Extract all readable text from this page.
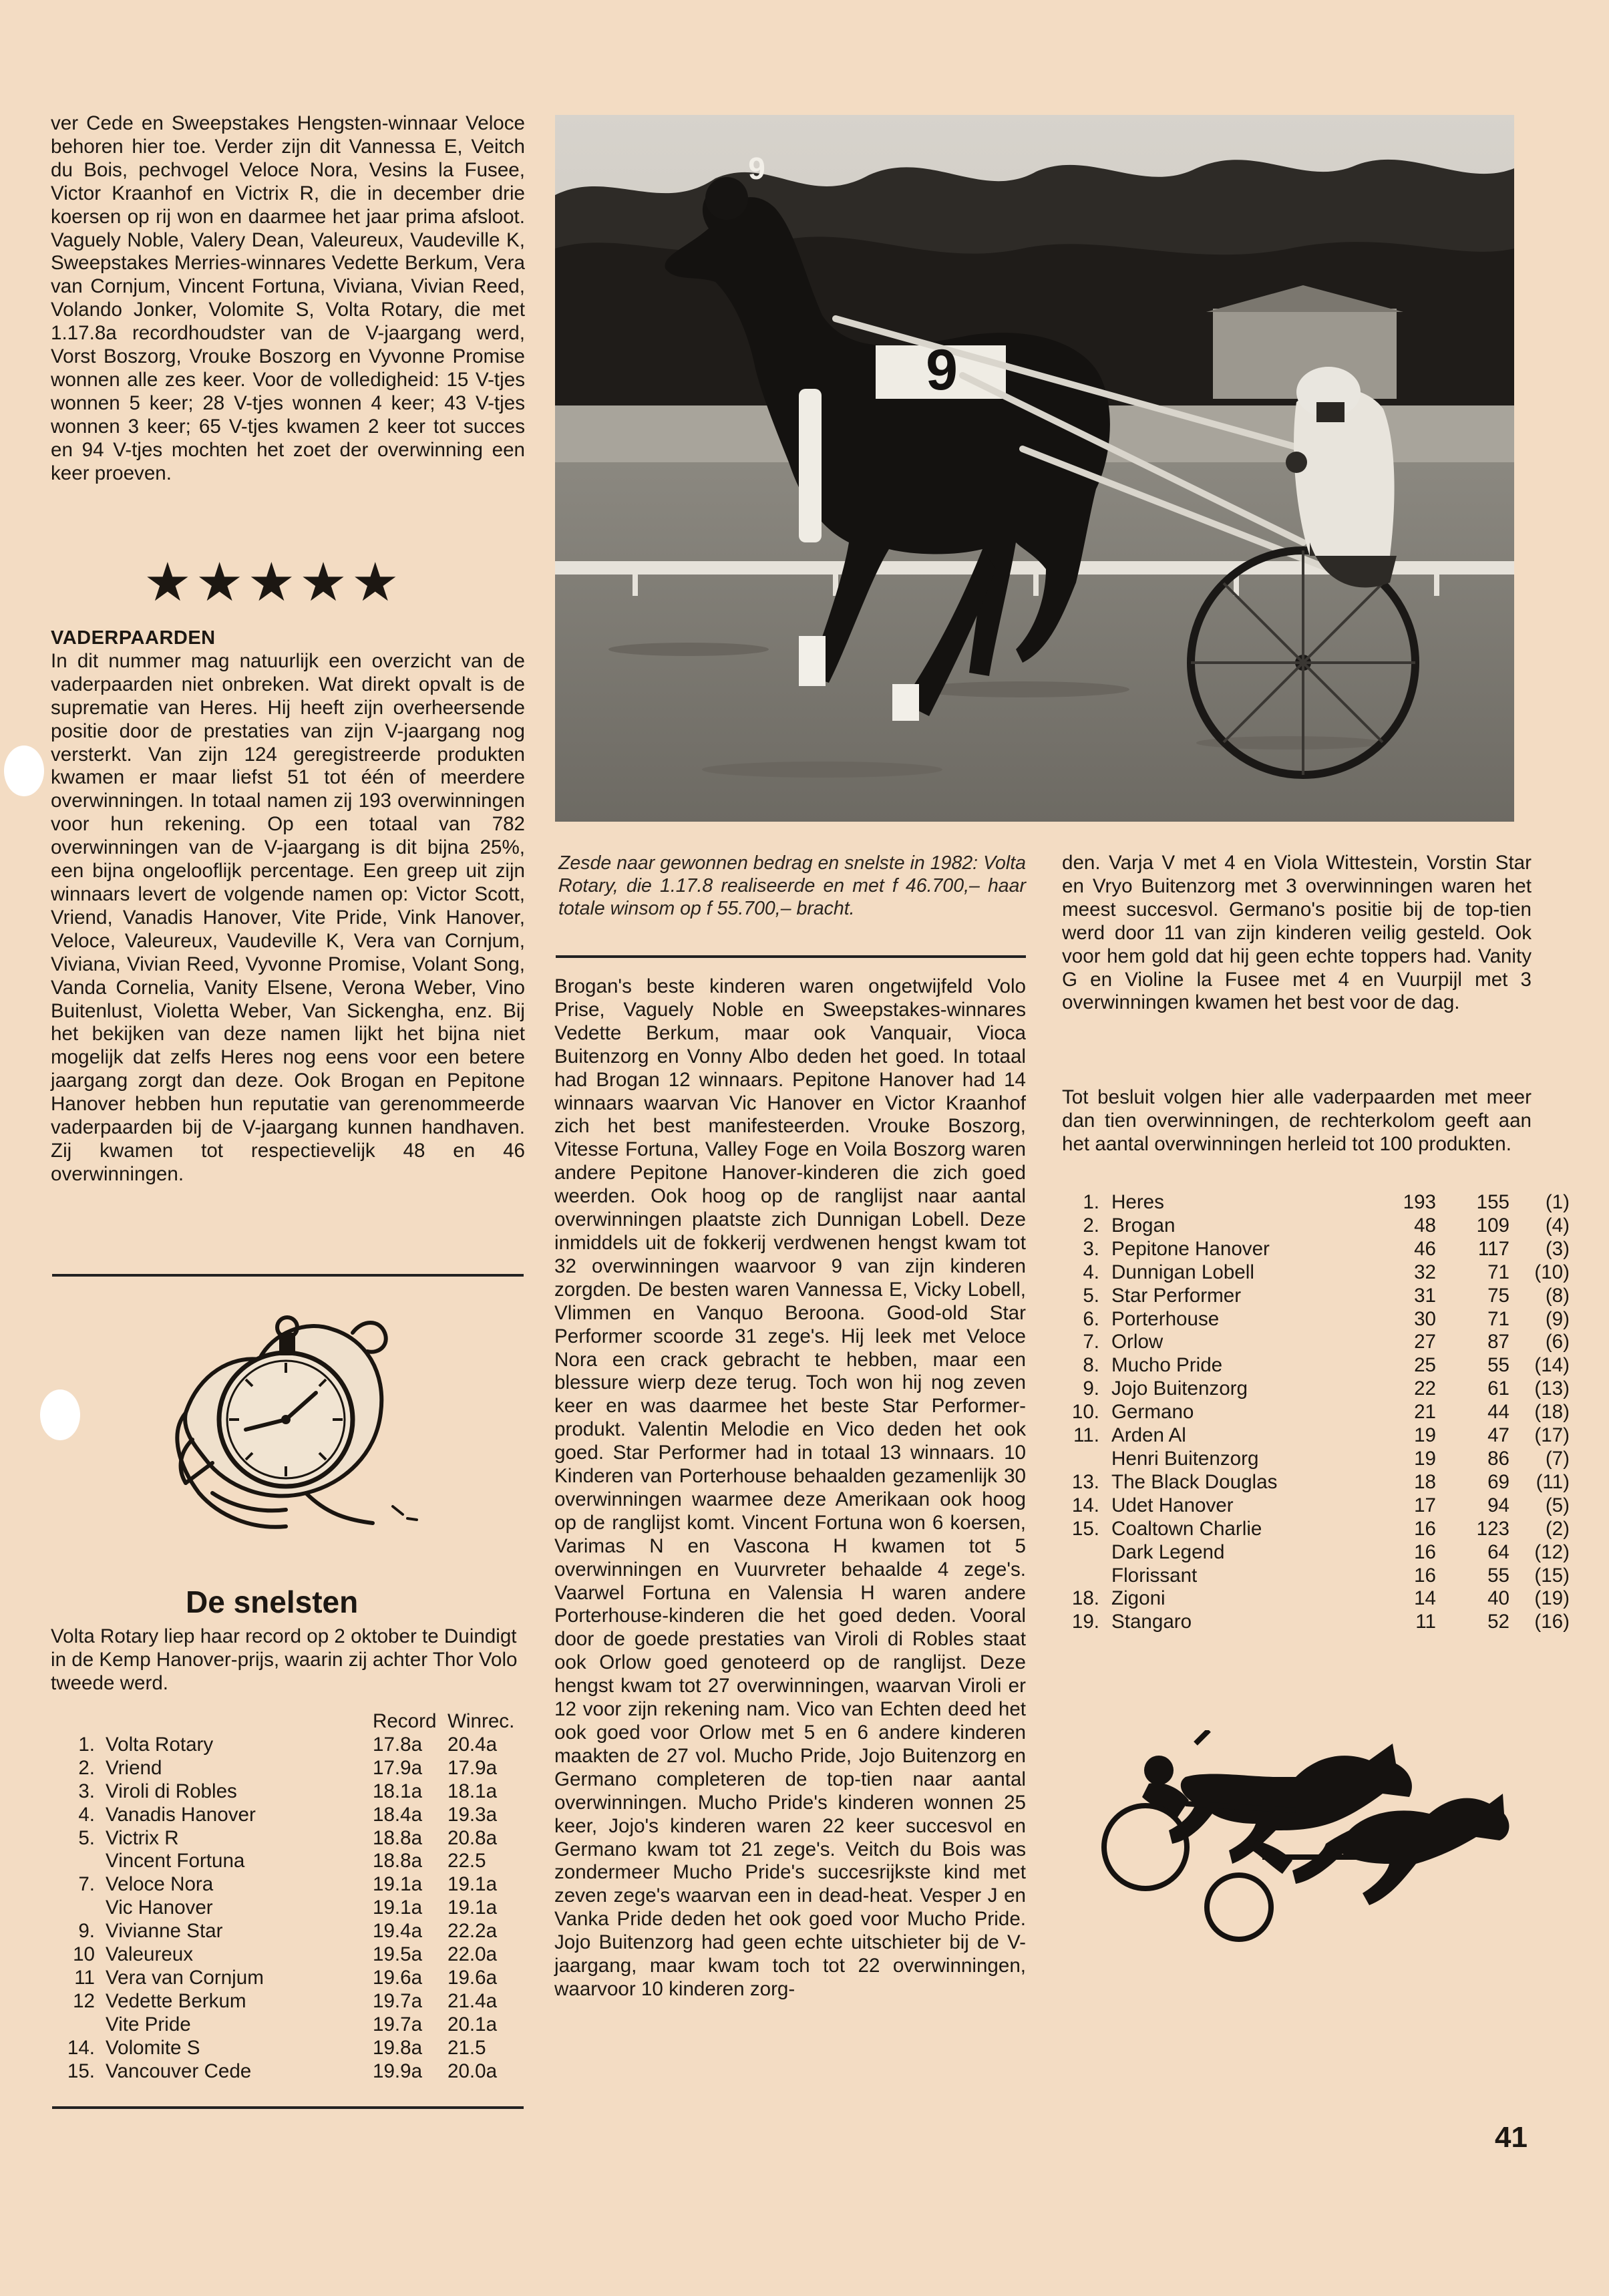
ver Cede en Sweepstakes Hengsten-winnaar Veloce behoren hier toe. Verder zijn dit Vannessa E, Veitch du Bois, pechvogel Veloce Nora, Vesins la Fusee, Victor Kraanhof en Victrix R, die in december drie koersen op rij won en daarmee het jaar prima afsloot. Vaguely Noble, Valery Dean, Valeureux, Vaudeville K, Sweepstakes Merries-winnares Vedette Berkum, Vera van Cornjum, Vincent Fortuna, Viviana, Vivian Reed, Volando Jonker, Volomite S, Volta Rotary, die met 1.17.8a recordhoudster van de V-jaargang werd, Vorst Boszorg, Vrouke Boszorg en Vyvonne Promise wonnen alle zes keer. Voor de volledigheid: 15 V-tjes wonnen 5 keer; 28 V-tjes wonnen 4 keer; 43 V-tjes wonnen 3 keer; 65 V-tjes kwamen 2 keer tot succes en 94 V-tjes mochten het zoet der overwinning een keer proeven.

★★★★★
VADERPAARDEN

In dit nummer mag natuurlijk een overzicht van de vaderpaarden niet onbreken. Wat direkt opvalt is de suprematie van Heres. Hij heeft zijn overheersende positie door de prestaties van zijn V-jaargang nog versterkt. Van zijn 124 geregistreerde produkten kwamen er maar liefst 51 tot één of meerdere overwinningen. In totaal namen zij 193 overwinningen voor hun rekening. Op een totaal van 782 overwinningen van de V-jaargang is dit bijna 25%, een bijna ongelooflijk percentage. Een greep uit zijn winnaars levert de volgende namen op: Victor Scott, Vriend, Vanadis Hanover, Vite Pride, Vink Hanover, Veloce, Valeureux, Vaudeville K, Vera van Cornjum, Viviana, Vivian Reed, Vyvonne Promise, Volant Song, Vanda Cornelia, Vanity Elsene, Verona Weber, Vino Buitenlust, Violetta Weber, Van Sickengha, enz. Bij het bekijken van deze namen lijkt het bijna niet mogelijk dat zelfs Heres nog eens voor een betere jaargang zorgt dan deze. Ook Brogan en Pepitone Hanover hebben hun reputatie van gerenommeerde vaderpaarden bij de V-jaargang kunnen handhaven. Zij kwamen tot respectievelijk 48 en 46 overwinningen.

De snelsten

Volta Rotary liep haar record op 2 oktober te Duindigt in de Kemp Hanover-prijs, waarin zij achter Thor Volo tweede werd.

		Record	Winrec.
1.	Volta Rotary	17.8a	20.4a
2.	Vriend	17.9a	17.9a
3.	Viroli di Robles	18.1a	18.1a
4.	Vanadis Hanover	18.4a	19.3a
5.	Victrix R	18.8a	20.8a
	Vincent Fortuna	18.8a	22.5
7.	Veloce Nora	19.1a	19.1a
	Vic Hanover	19.1a	19.1a
9.	Vivianne Star	19.4a	22.2a
10	Valeureux	19.5a	22.0a
11	Vera van Cornjum	19.6a	19.6a
12	Vedette Berkum	19.7a	21.4a
	Vite Pride	19.7a	20.1a
14.	Volomite S	19.8a	21.5
15.	Vancouver Cede	19.9a	20.0a
9
9

Zesde naar gewonnen bedrag en snelste in 1982: Volta Rotary, die 1.17.8 realiseerde en met f 46.700,– haar totale winsom op f 55.700,– bracht.

Brogan's beste kinderen waren ongetwijfeld Volo Prise, Vaguely Noble en Sweepstakes-winnares Vedette Berkum, maar ook Vanquair, Vioca Buitenzorg en Vonny Albo deden het goed. In totaal had Brogan 12 winnaars. Pepitone Hanover had 14 winnaars waarvan Vic Hanover en Victor Kraanhof zich het best manifesteerden. Vrouke Boszorg, Vitesse Fortuna, Valley Foge en Voila Boszorg waren andere Pepitone Hanover-kinderen die zich goed weerden. Ook hoog op de ranglijst naar aantal overwinningen plaatste zich Dunnigan Lobell. Deze inmiddels uit de fokkerij verdwenen hengst kwam tot 32 overwinningen waarvoor 9 van zijn kinderen zorgden. De besten waren Vannessa E, Vicky Lobell, Vlimmen en Vanquo Beroona. Good-old Star Performer scoorde 31 zege's. Hij leek met Veloce Nora een crack gebracht te hebben, maar een blessure wierp deze terug. Toch won hij nog zeven keer en was daarmee het beste Star Performer-produkt. Valentin Melodie en Vico deden het ook goed. Star Performer had in totaal 13 winnaars. 10 Kinderen van Porterhouse behaalden gezamenlijk 30 overwinningen waarmee deze Amerikaan ook hoog op de ranglijst komt. Vincent Fortuna won 6 koersen, Varimas N en Vascona H kwamen tot 5 overwinningen en Vuurvreter behaalde 4 zege's. Vaarwel Fortuna en Valensia H waren andere Porterhouse-kinderen die het goed deden. Vooral door de goede prestaties van Viroli di Robles staat ook Orlow goed genoteerd op de ranglijst. Deze hengst kwam tot 27 overwinningen, waarvan Viroli er 12 voor zijn rekening nam. Vico van Echten deed het ook goed voor Orlow met 5 en 6 andere kinderen maakten de 27 vol. Mucho Pride, Jojo Buitenzorg en Germano completeren de top-tien naar aantal overwinningen. Mucho Pride's kinderen wonnen 25 keer, Jojo's kinderen waren 22 keer succesvol en Germano kwam tot 21 zege's. Veitch du Bois was zondermeer Mucho Pride's succesrijkste kind met zeven zege's waarvan een in dead-heat. Vesper J en Vanka Pride deden het ook goed voor Mucho Pride. Jojo Buitenzorg had geen echte uitschieter bij de V-jaargang, maar kwam toch tot 22 overwinningen, waarvoor 10 kinderen zorg-

den. Varja V met 4 en Viola Wittestein, Vorstin Star en Vryo Buitenzorg met 3 overwinningen waren het meest succesvol. Germano's positie bij de top-tien werd door 11 van zijn kinderen veilig gesteld. Ook voor hem gold dat hij geen echte toppers had. Vanity G en Violine la Fusee met 4 en Vuurpijl met 3 overwinningen kwamen het best voor de dag.

Tot besluit volgen hier alle vaderpaarden met meer dan tien overwinningen, de rechterkolom geeft aan het aantal overwinningen herleid tot 100 produkten.

1.	Heres	193	155	(1)
2.	Brogan	48	109	(4)
3.	Pepitone Hanover	46	117	(3)
4.	Dunnigan Lobell	32	71	(10)
5.	Star Performer	31	75	(8)
6.	Porterhouse	30	71	(9)
7.	Orlow	27	87	(6)
8.	Mucho Pride	25	55	(14)
9.	Jojo Buitenzorg	22	61	(13)
10.	Germano	21	44	(18)
11.	Arden Al	19	47	(17)
	Henri Buitenzorg	19	86	(7)
13.	The Black Douglas	18	69	(11)
14.	Udet Hanover	17	94	(5)
15.	Coaltown Charlie	16	123	(2)
	Dark Legend	16	64	(12)
	Florissant	16	55	(15)
18.	Zigoni	14	40	(19)
19.	Stangaro	11	52	(16)
41
